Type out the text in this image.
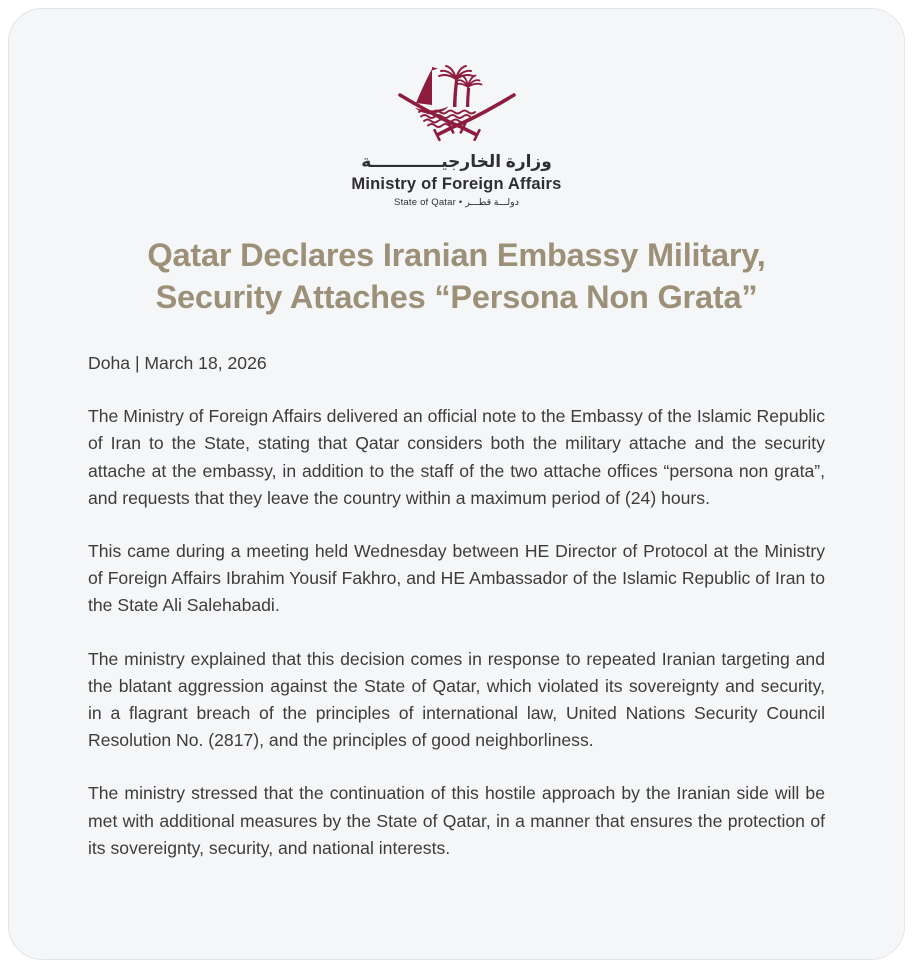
وزارة الخارجيــــــــــــة
Ministry of Foreign Affairs
State of Qatar • دولـــة قطـــر
Qatar Declares Iranian Embassy Military,
Security Attaches “Persona Non Grata”
Doha | March 18, 2026

The Ministry of Foreign Affairs delivered an official note to the Embassy of the Islamic Republic of Iran to the State, stating that Qatar considers both the military attache and the security attache at the embassy, in addition to the staff of the two attache offices “persona non grata”, and requests that they leave the country within a maximum period of (24) hours.

This came during a meeting held Wednesday between HE Director of Protocol at the Ministry of Foreign Affairs Ibrahim Yousif Fakhro, and HE Ambassador of the Islamic Republic of Iran to the State Ali Salehabadi.

The ministry explained that this decision comes in response to repeated Iranian targeting and the blatant aggression against the State of Qatar, which violated its sovereignty and security, in a flagrant breach of the principles of international law, United Nations Security Council Resolution No. (2817), and the principles of good neighborliness.

The ministry stressed that the continuation of this hostile approach by the Iranian side will be met with additional measures by the State of Qatar, in a manner that ensures the protection of its sovereignty, security, and national interests.
